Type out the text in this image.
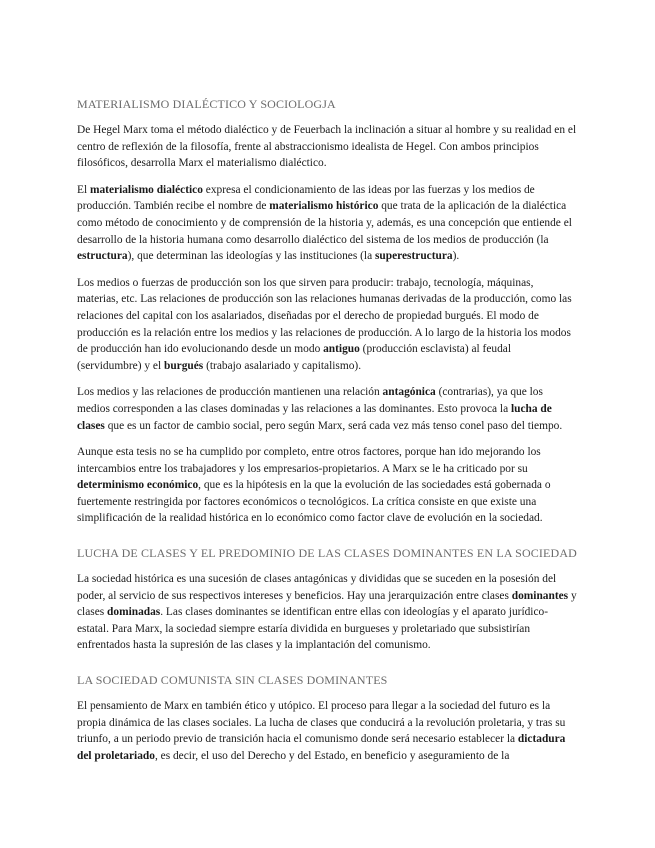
MATERIALISMO DIALÉCTICO Y SOCIOLOGJA

De Hegel Marx toma el método dialéctico y de Feuerbach la inclinación a situar al hombre y su realidad en el centro de reflexión de la filosofía, frente al abstraccionismo idealista de Hegel. Con ambos principios filosóficos, desarrolla Marx el materialismo dialéctico.

El materialismo dialéctico expresa el condicionamiento de las ideas por las fuerzas y los medios de producción. También recibe el nombre de materialismo histórico que trata de la aplicación de la dialéctica como método de conocimiento y de comprensión de la historia y, además, es una concepción que entiende el desarrollo de la historia humana como desarrollo dialéctico del sistema de los medios de producción (la estructura), que determinan las ideologías y las instituciones (la superestructura).

Los medios o fuerzas de producción son los que sirven para producir: trabajo, tecnología, máquinas, materias, etc. Las relaciones de producción son las relaciones humanas derivadas de la producción, como las relaciones del capital con los asalariados, diseñadas por el derecho de propiedad burgués. El modo de producción es la relación entre los medios y las relaciones de producción. A lo largo de la historia los modos de producción han ido evolucionando desde un modo antiguo (producción esclavista) al feudal (servidumbre) y el burgués (trabajo asalariado y capitalismo).

Los medios y las relaciones de producción mantienen una relación antagónica (contrarias), ya que los medios corresponden a las clases dominadas y las relaciones a las dominantes. Esto provoca la lucha de clases que es un factor de cambio social, pero según Marx, será cada vez más tenso conel paso del tiempo.

Aunque esta tesis no se ha cumplido por completo, entre otros factores, porque han ido mejorando los intercambios entre los trabajadores y los empresarios-propietarios. A Marx se le ha criticado por su determinismo económico, que es la hipótesis en la que la evolución de las sociedades está gobernada o fuertemente restringida por factores económicos o tecnológicos. La crítica consiste en que existe una simplificación de la realidad histórica en lo económico como factor clave de evolución en la sociedad.

LUCHA DE CLASES Y EL PREDOMINIO DE LAS CLASES DOMINANTES EN LA SOCIEDAD

La sociedad histórica es una sucesión de clases antagónicas y divididas que se suceden en la posesión del poder, al servicio de sus respectivos intereses y beneficios. Hay una jerarquización entre clases dominantes y clases dominadas. Las clases dominantes se identifican entre ellas con ideologías y el aparato jurídico-estatal. Para Marx, la sociedad siempre estaría dividida en burgueses y proletariado que subsistirían enfrentados hasta la supresión de las clases y la implantación del comunismo.

LA SOCIEDAD COMUNISTA SIN CLASES DOMINANTES

El pensamiento de Marx en también ético y utópico. El proceso para llegar a la sociedad del futuro es la propia dinámica de las clases sociales. La lucha de clases que conducirá a la revolución proletaria, y tras su triunfo, a un periodo previo de transición hacia el comunismo donde será necesario establecer la dictadura del proletariado, es decir, el uso del Derecho y del Estado, en beneficio y aseguramiento de la
